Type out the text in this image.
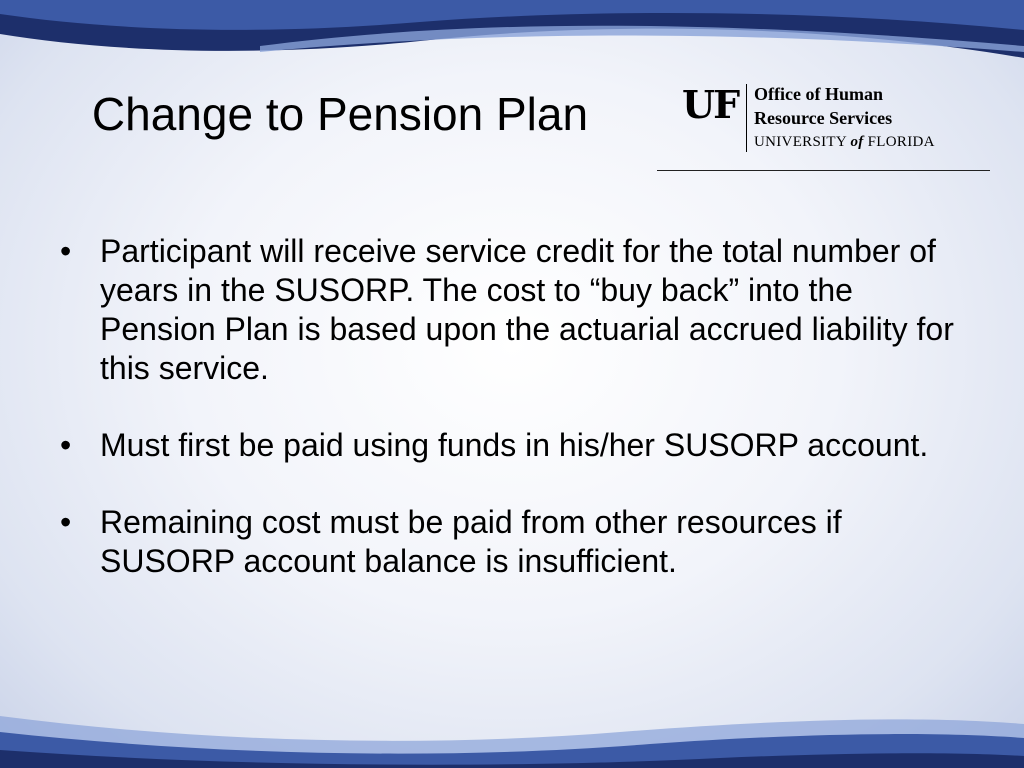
Change to Pension Plan	UF Office of Human
Resource Services
UNIVERSITY of FLORIDA
• Participant will receive service credit for the total number of years in the SUSORP. The cost to “buy back” into the Pension Plan is based upon the actuarial accrued liability for this service.
• Must first be paid using funds in his/her SUSORP account.
• Remaining cost must be paid from other resources if SUSORP account balance is insufficient.
